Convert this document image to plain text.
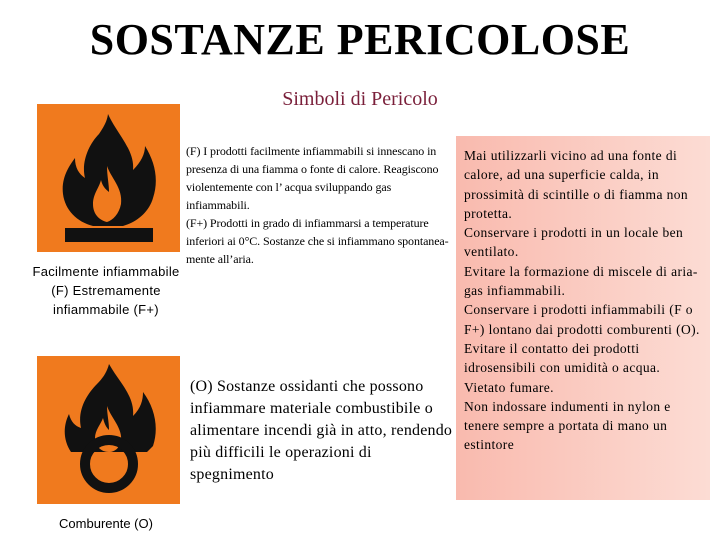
SOSTANZE PERICOLOSE
Simboli di Pericolo
Facilmente infiammabile (F) Estremamente infiammabile (F+)

(F) I prodotti facilmente infiammabili si innescano in presenza di una fiamma o fonte di calore. Reagiscono violentemente con l’ acqua sviluppando gas infiammabili.

(F+) Prodotti in grado di infiammarsi a temperature inferiori ai 0°C. Sostanze che si infiammano spontanea-mente all’aria.

Comburente (O)
(O) Sostanze ossidanti che possono infiammare materiale combustibile o alimentare incendi già in atto, rendendo più difficili le operazioni di spegnimento

Mai utilizzarli vicino ad una fonte di calore, ad una superficie calda, in prossimità di scintille o di fiamma non protetta.

Conservare i prodotti in un locale ben ventilato.

Evitare la formazione di miscele di aria-gas infiammabili.

Conservare i prodotti infiammabili (F o F+) lontano dai prodotti comburenti (O).

Evitare il contatto dei prodotti idrosensibili con umidità o acqua.

Vietato fumare.

Non indossare indumenti in nylon e tenere sempre a portata di mano un estintore
